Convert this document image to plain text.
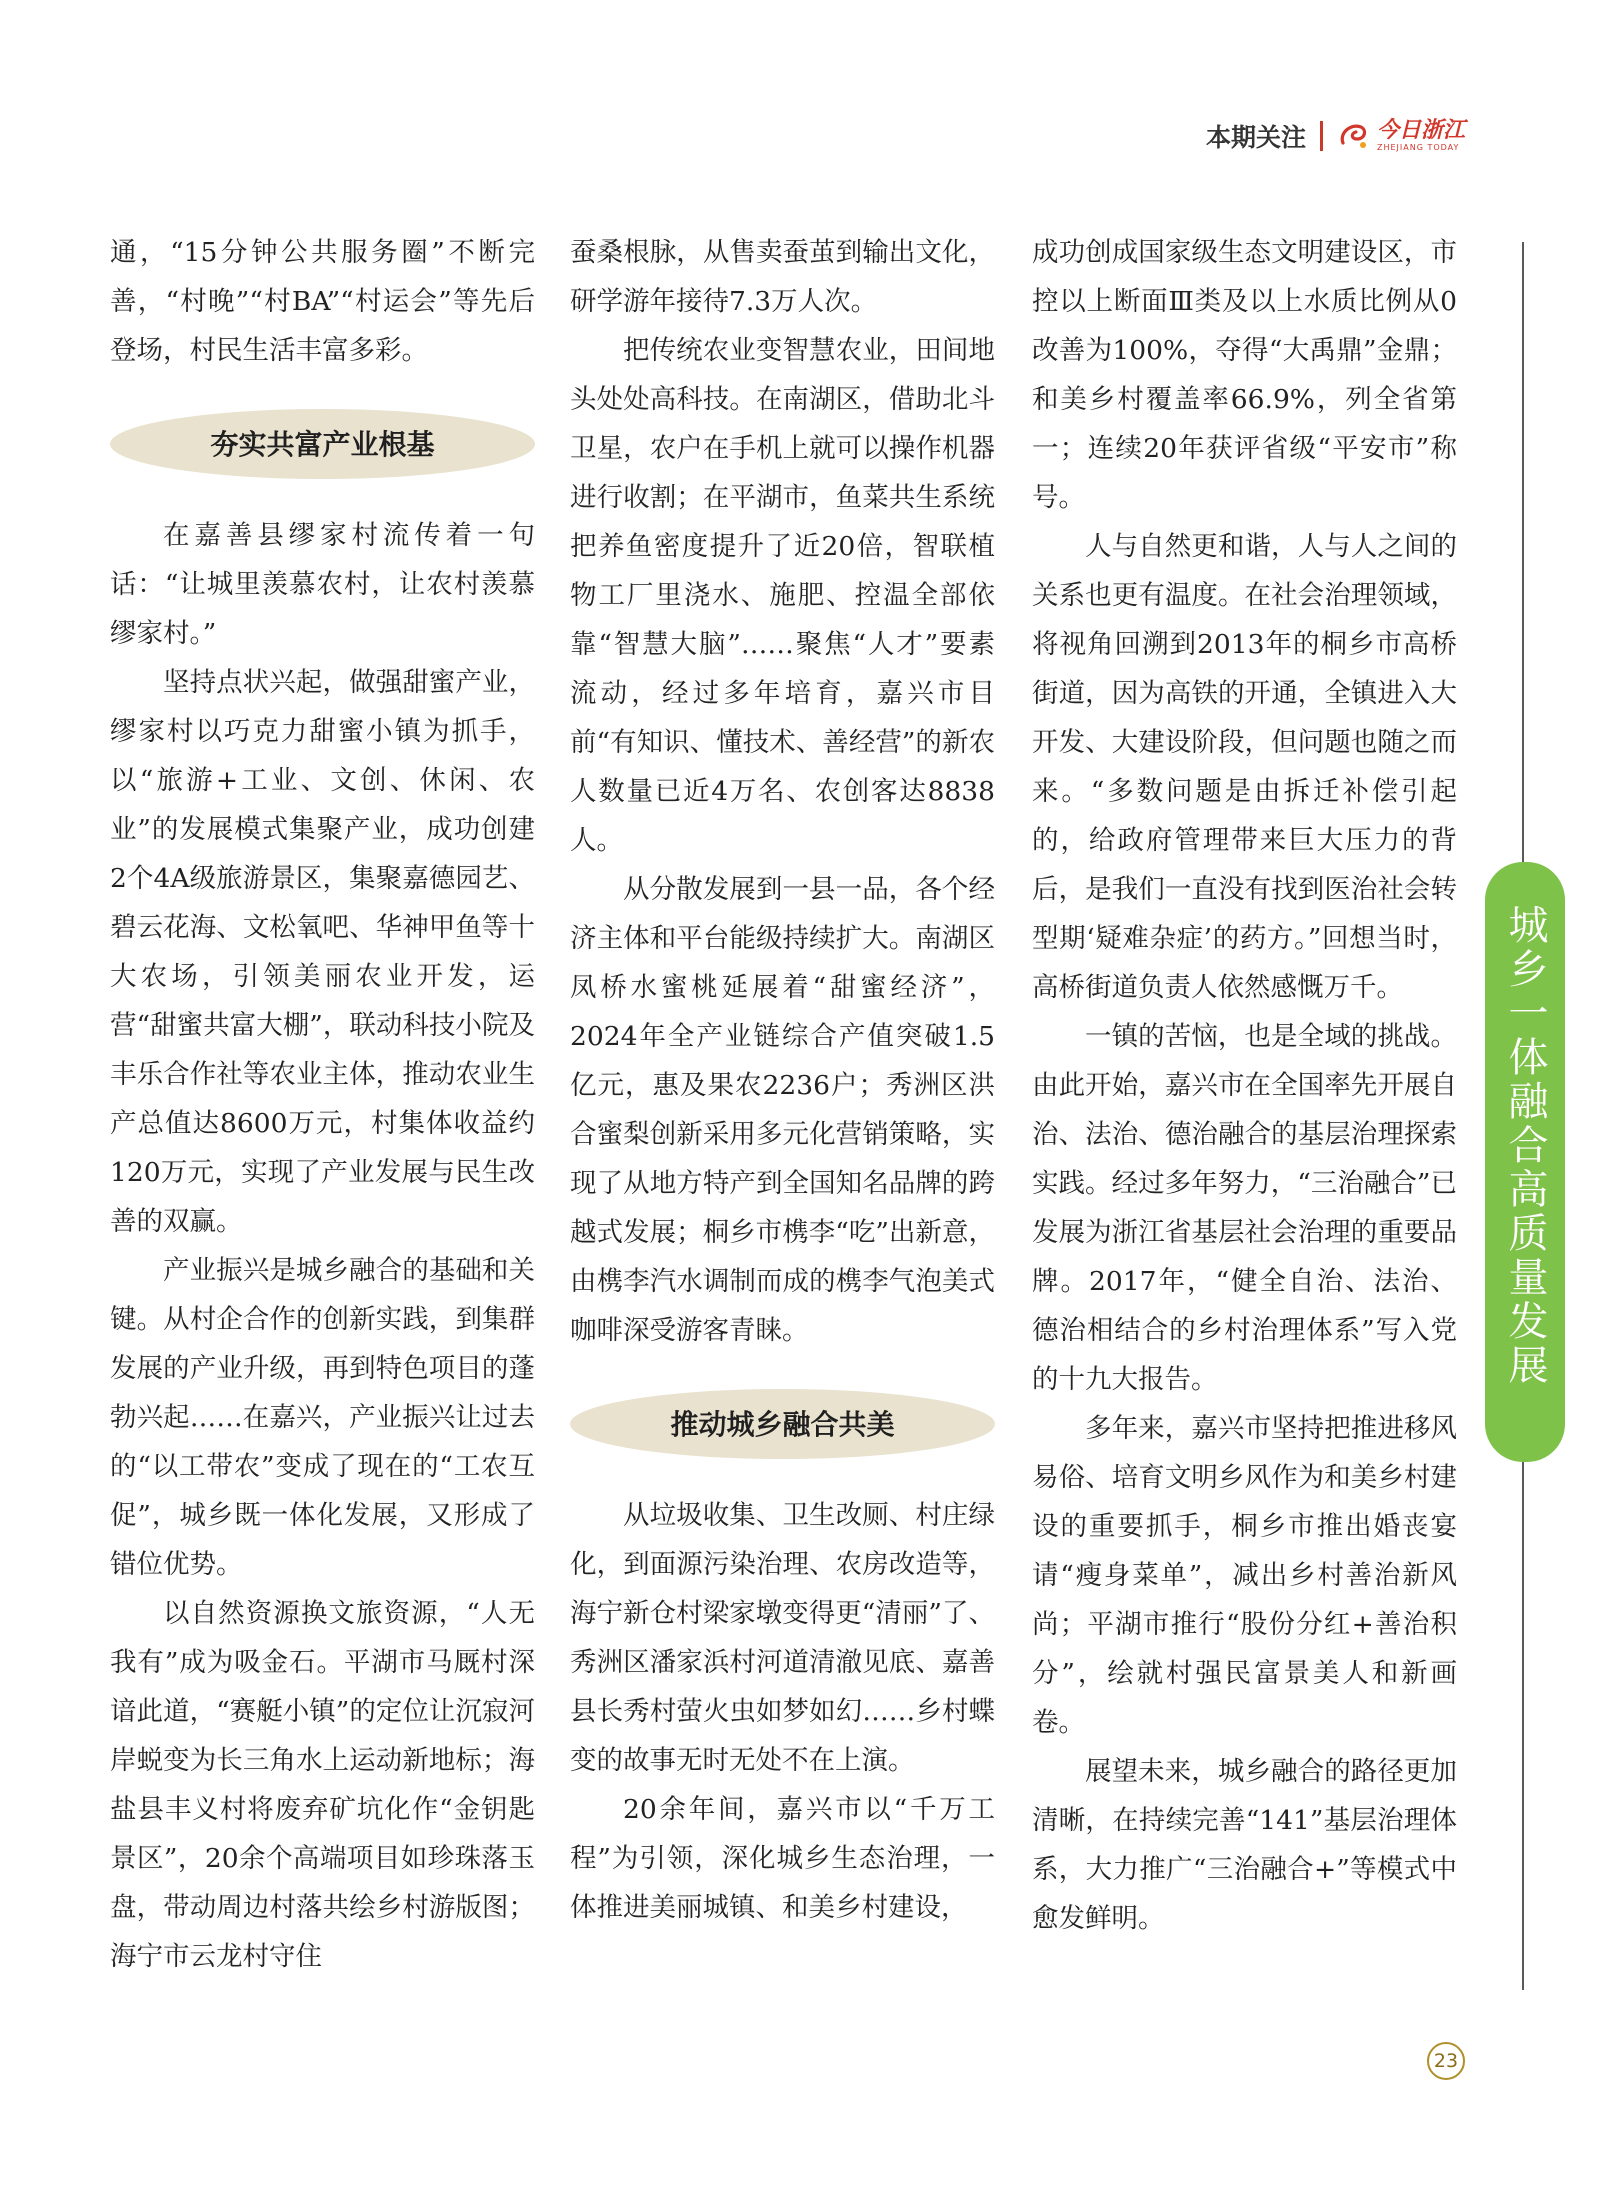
本期关注	今日浙江
ZHEJIANG TODAY

通，“15分钟公共服务圈”不断完善，“村晚”“村BA”“村运会”等先后登场，村民生活丰富多彩。

夯实共富产业根基

在嘉善县缪家村流传着一句话：“让城里羡慕农村，让农村羡慕缪家村。”

坚持点状兴起，做强甜蜜产业，缪家村以巧克力甜蜜小镇为抓手，以“旅游+工业、文创、休闲、农业”的发展模式集聚产业，成功创建2个4A级旅游景区，集聚嘉德园艺、碧云花海、文松氧吧、华神甲鱼等十大农场，引领美丽农业开发，运营“甜蜜共富大棚”，联动科技小院及丰乐合作社等农业主体，推动农业生产总值达8600万元，村集体收益约120万元，实现了产业发展与民生改善的双赢。

产业振兴是城乡融合的基础和关键。从村企合作的创新实践，到集群发展的产业升级，再到特色项目的蓬勃兴起……在嘉兴，产业振兴让过去的“以工带农”变成了现在的“工农互促”，城乡既一体化发展，又形成了错位优势。

以自然资源换文旅资源，“人无我有”成为吸金石。平湖市马厩村深谙此道，“赛艇小镇”的定位让沉寂河岸蜕变为长三角水上运动新地标；海盐县丰义村将废弃矿坑化作“金钥匙景区”，20余个高端项目如珍珠落玉盘，带动周边村落共绘乡村游版图；海宁市云龙村守住

蚕桑根脉，从售卖蚕茧到输出文化，研学游年接待7.3万人次。

把传统农业变智慧农业，田间地头处处高科技。在南湖区，借助北斗卫星，农户在手机上就可以操作机器进行收割；在平湖市，鱼菜共生系统把养鱼密度提升了近20倍，智联植物工厂里浇水、施肥、控温全部依靠“智慧大脑”……聚焦“人才”要素流动，经过多年培育，嘉兴市目前“有知识、懂技术、善经营”的新农人数量已近4万名、农创客达8838人。

从分散发展到一县一品，各个经济主体和平台能级持续扩大。南湖区凤桥水蜜桃延展着“甜蜜经济”，2024年全产业链综合产值突破1.5亿元，惠及果农2236户；秀洲区洪合蜜梨创新采用多元化营销策略，实现了从地方特产到全国知名品牌的跨越式发展；桐乡市槜李“吃”出新意，由槜李汽水调制而成的槜李气泡美式咖啡深受游客青睐。

推动城乡融合共美

从垃圾收集、卫生改厕、村庄绿化，到面源污染治理、农房改造等，海宁新仓村梁家墩变得更“清丽”了、秀洲区潘家浜村河道清澈见底、嘉善县长秀村萤火虫如梦如幻……乡村蝶变的故事无时无处不在上演。

20余年间，嘉兴市以“千万工程”为引领，深化城乡生态治理，一体推进美丽城镇、和美乡村建设，

成功创成国家级生态文明建设区，市控以上断面Ⅲ类及以上水质比例从0改善为100%，夺得“大禹鼎”金鼎；和美乡村覆盖率66.9%，列全省第一；连续20年获评省级“平安市”称号。

人与自然更和谐，人与人之间的关系也更有温度。在社会治理领域，将视角回溯到2013年的桐乡市高桥街道，因为高铁的开通，全镇进入大开发、大建设阶段，但问题也随之而来。“多数问题是由拆迁补偿引起的，给政府管理带来巨大压力的背后，是我们一直没有找到医治社会转型期‘疑难杂症’的药方。”回想当时，高桥街道负责人依然感慨万千。

一镇的苦恼，也是全域的挑战。由此开始，嘉兴市在全国率先开展自治、法治、德治融合的基层治理探索实践。经过多年努力，“三治融合”已发展为浙江省基层社会治理的重要品牌。2017年，“健全自治、法治、德治相结合的乡村治理体系”写入党的十九大报告。

多年来，嘉兴市坚持把推进移风易俗、培育文明乡风作为和美乡村建设的重要抓手，桐乡市推出婚丧宴请“瘦身菜单”，减出乡村善治新风尚；平湖市推行“股份分红+善治积分”，绘就村强民富景美人和新画卷。

展望未来，城乡融合的路径更加清晰，在持续完善“141”基层治理体系，大力推广“三治融合+”等模式中愈发鲜明。

城乡一体融合高质量发展
23
